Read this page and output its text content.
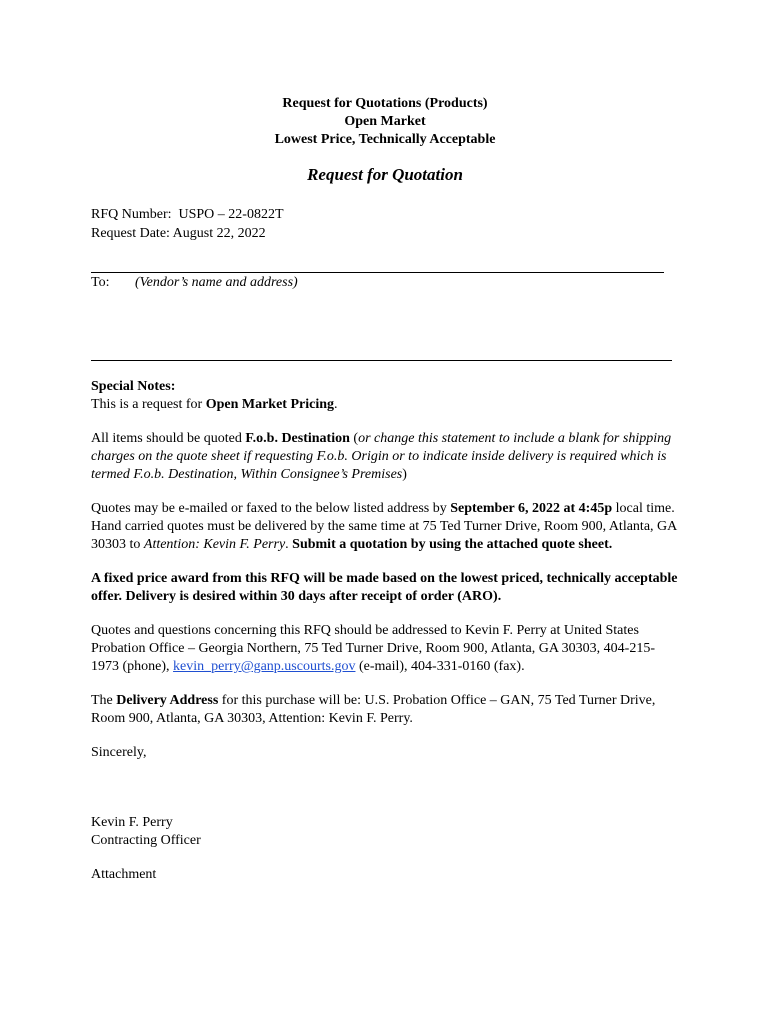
Request for Quotations (Products)
Open Market
Lowest Price, Technically Acceptable
Request for Quotation
RFQ Number: USPO – 22-0822T
Request Date: August 22, 2022
To: (Vendor’s name and address)

Special Notes:
This is a request for Open Market Pricing.

All items should be quoted F.o.b. Destination (or change this statement to include a blank for shipping charges on the quote sheet if requesting F.o.b. Origin or to indicate inside delivery is required which is termed F.o.b. Destination, Within Consignee’s Premises)

Quotes may be e-mailed or faxed to the below listed address by September 6, 2022 at 4:45p local time. Hand carried quotes must be delivered by the same time at 75 Ted Turner Drive, Room 900, Atlanta, GA 30303 to Attention: Kevin F. Perry. Submit a quotation by using the attached quote sheet.

A fixed price award from this RFQ will be made based on the lowest priced, technically acceptable offer. Delivery is desired within 30 days after receipt of order (ARO).

Quotes and questions concerning this RFQ should be addressed to Kevin F. Perry at United States Probation Office – Georgia Northern, 75 Ted Turner Drive, Room 900, Atlanta, GA 30303, 404-215-1973 (phone), kevin_perry@ganp.uscourts.gov (e-mail), 404-331-0160 (fax).

The Delivery Address for this purchase will be: U.S. Probation Office – GAN, 75 Ted Turner Drive, Room 900, Atlanta, GA 30303, Attention: Kevin F. Perry.

Sincerely,

Kevin F. Perry
Contracting Officer

Attachment
